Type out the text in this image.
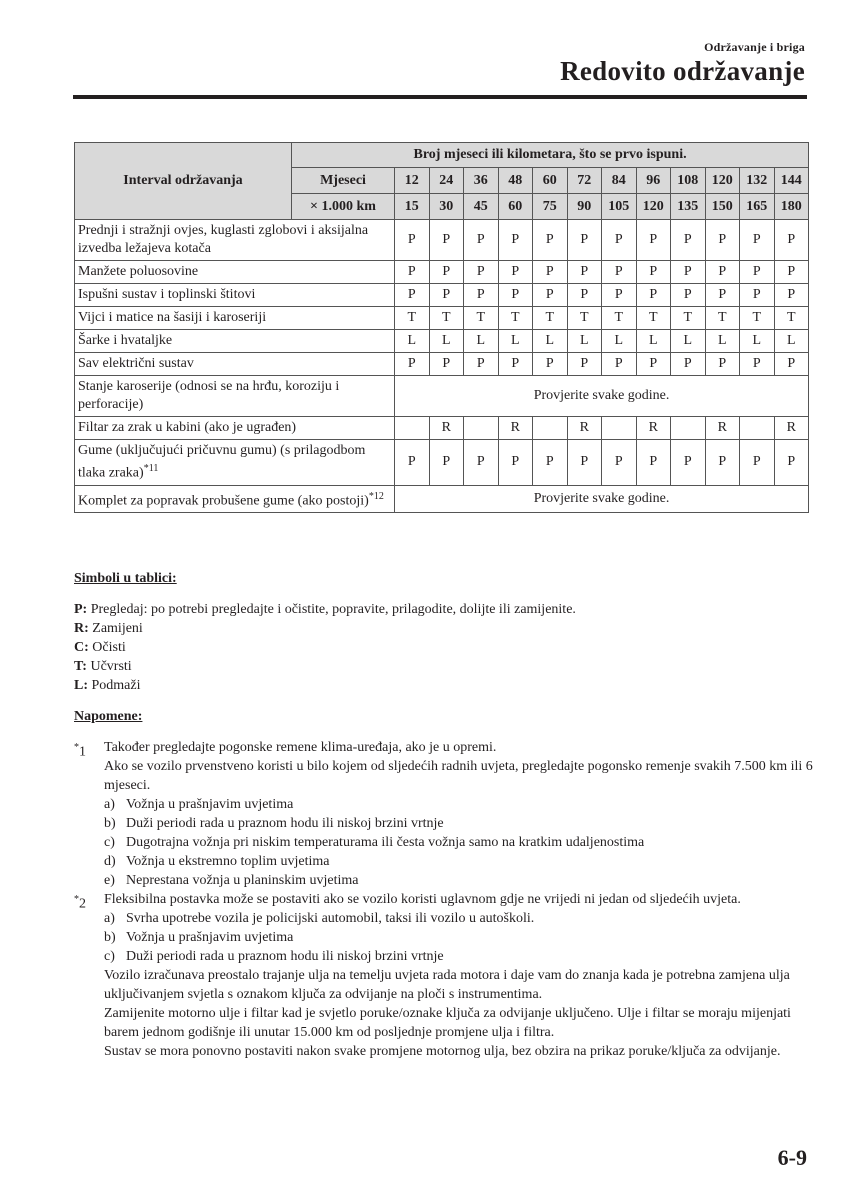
Održavanje i briga
Redovito održavanje
Interval održavanja	Broj mjeseci ili kilometara, što se prvo ispuni.												
	Mjeseci	12	24	36	48	60	72	84	96	108	120	132	144
	× 1.000 km	15	30	45	60	75	90	105	120	135	150	165	180
Prednji i stražnji ovjes, kuglasti zglobovi i aksijalna izvedba ležajeva kotača		P	P	P	P	P	P	P	P	P	P	P	P
Manžete poluosovine		P	P	P	P	P	P	P	P	P	P	P	P
Ispušni sustav i toplinski štitovi		P	P	P	P	P	P	P	P	P	P	P	P
Vijci i matice na šasiji i karoseriji		T	T	T	T	T	T	T	T	T	T	T	T
Šarke i hvataljke		L	L	L	L	L	L	L	L	L	L	L	L
Sav električni sustav		P	P	P	P	P	P	P	P	P	P	P	P
Stanje karoserije (odnosi se na hrđu, koroziju i perforacije)		Provjerite svake godine.											
Filtar za zrak u kabini (ako je ugrađen)			R		R		R		R		R		R
Gume (uključujući pričuvnu gumu) (s prilagodbom tlaka zraka)$^{*11}$		P	P	P	P	P	P	P	P	P	P	P	P
Komplet za popravak probušene gume (ako postoji)$^{*12}$		Provjerite svake godine.											
Simboli u tablici:
P: Pregledaj: po potrebi pregledajte i očistite, popravite, prilagodite, dolijte ili zamijenite.
R: Zamijeni
C: Očisti
T: Učvrsti
L: Podmaži
Napomene:
*1 Također pregledajte pogonske remene klima-uređaja, ako je u opremi.
Ako se vozilo prvenstveno koristi u bilo kojem od sljedećih radnih uvjeta, pregledajte pogonsko remenje svakih 7.500 km ili 6 mjeseci.
a) Vožnja u prašnjavim uvjetima
b) Duži periodi rada u praznom hodu ili niskoj brzini vrtnje
c) Dugotrajna vožnja pri niskim temperaturama ili česta vožnja samo na kratkim udaljenostima
d) Vožnja u ekstremno toplim uvjetima
e) Neprestana vožnja u planinskim uvjetima
*2 Fleksibilna postavka može se postaviti ako se vozilo koristi uglavnom gdje ne vrijedi ni jedan od sljedećih uvjeta.
a) Svrha upotrebe vozila je policijski automobil, taksi ili vozilo u autoškoli.
b) Vožnja u prašnjavim uvjetima
c) Duži periodi rada u praznom hodu ili niskoj brzini vrtnje
Vozilo izračunava preostalo trajanje ulja na temelju uvjeta rada motora i daje vam do znanja kada je potrebna zamjena ulja uključivanjem svjetla s oznakom ključa za odvijanje na ploči s instrumentima.
Zamijenite motorno ulje i filtar kad je svjetlo poruke/oznake ključa za odvijanje uključeno. Ulje i filtar se moraju mijenjati barem jednom godišnje ili unutar 15.000 km od posljednje promjene ulja i filtra.
Sustav se mora ponovno postaviti nakon svake promjene motornog ulja, bez obzira na prikaz poruke/ključa za odvijanje.
6-9
